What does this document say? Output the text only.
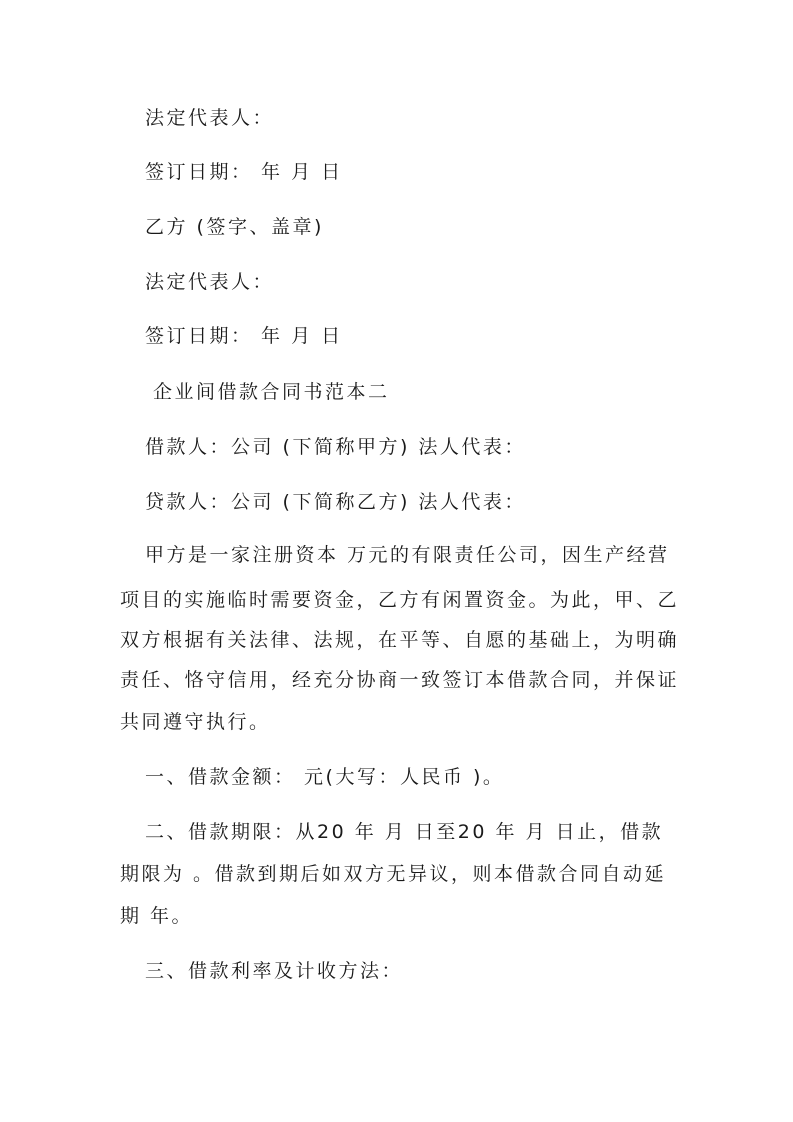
法定代表人：
签订日期： 年 月 日
乙方 (签字、盖章)
法定代表人：
签订日期： 年 月 日
企业间借款合同书范本二
借款人：公司 (下简称甲方) 法人代表：
贷款人：公司 (下简称乙方) 法人代表：
甲方是一家注册资本 万元的有限责任公司，因生产经营
项目的实施临时需要资金，乙方有闲置资金。为此，甲、乙
双方根据有关法律、法规，在平等、自愿的基础上，为明确
责任、恪守信用，经充分协商一致签订本借款合同，并保证
共同遵守执行。
一、借款金额： 元(大写：人民币 )。
二、借款期限：从20 年 月 日至20 年 月 日止，借款
期限为 。借款到期后如双方无异议，则本借款合同自动延
期 年。
三、借款利率及计收方法：
